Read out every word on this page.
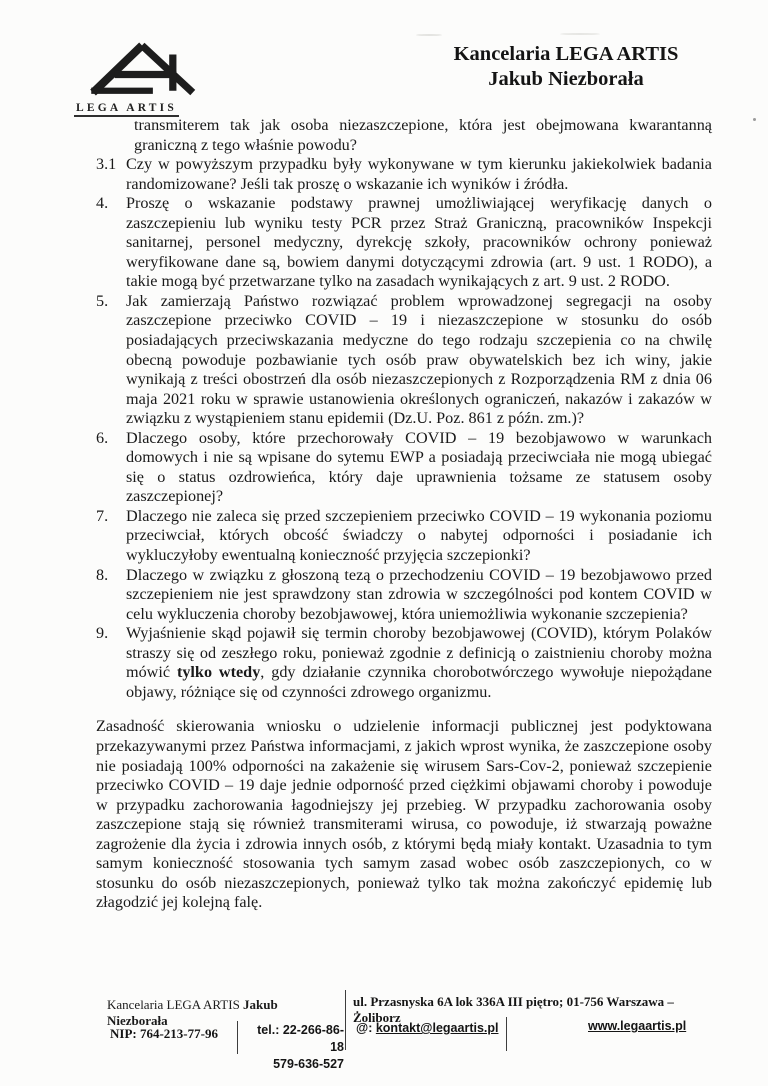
LEGA ARTIS
Kancelaria LEGA ARTIS
Jakub Niezborała
transmiterem tak jak osoba niezaszczepione, która jest obejmowana kwarantanną graniczną z tego właśnie powodu?
3.1 Czy w powyższym przypadku były wykonywane w tym kierunku jakiekolwiek badania randomizowane? Jeśli tak proszę o wskazanie ich wyników i źródła.
4.	Proszę o wskazanie podstawy prawnej umożliwiającej weryfikację danych o zaszczepieniu lub wyniku testy PCR przez Straż Graniczną, pracowników Inspekcji sanitarnej, personel medyczny, dyrekcję szkoły, pracowników ochrony ponieważ weryfikowane dane są, bowiem danymi dotyczącymi zdrowia (art. 9 ust. 1 RODO), a takie mogą być przetwarzane tylko na zasadach wynikających z art. 9 ust. 2 RODO.
5.	Jak zamierzają Państwo rozwiązać problem wprowadzonej segregacji na osoby zaszczepione przeciwko COVID – 19 i niezaszczepione w stosunku do osób posiadających przeciwskazania medyczne do tego rodzaju szczepienia co na chwilę obecną powoduje pozbawianie tych osób praw obywatelskich bez ich winy, jakie wynikają z treści obostrzeń dla osób niezaszczepionych z Rozporządzenia RM z dnia 06 maja 2021 roku w sprawie ustanowienia określonych ograniczeń, nakazów i zakazów w związku z wystąpieniem stanu epidemii (Dz.U. Poz. 861 z późn. zm.)?
6.	Dlaczego osoby, które przechorowały COVID – 19 bezobjawowo w warunkach domowych i nie są wpisane do sytemu EWP a posiadają przeciwciała nie mogą ubiegać się o status ozdrowieńca, który daje uprawnienia tożsame ze statusem osoby zaszczepionej?
7.	Dlaczego nie zaleca się przed szczepieniem przeciwko COVID – 19 wykonania poziomu przeciwciał, których obcość świadczy o nabytej odporności i posiadanie ich wykluczyłoby ewentualną konieczność przyjęcia szczepionki?
8.	Dlaczego w związku z głoszoną tezą o przechodzeniu COVID – 19 bezobjawowo przed szczepieniem nie jest sprawdzony stan zdrowia w szczególności pod kontem COVID w celu wykluczenia choroby bezobjawowej, która uniemożliwia wykonanie szczepienia?
9.	Wyjaśnienie skąd pojawił się termin choroby bezobjawowej (COVID), którym Polaków straszy się od zeszłego roku, ponieważ zgodnie z definicją o zaistnieniu choroby można mówić tylko wtedy, gdy działanie czynnika chorobotwórczego wywołuje niepożądane objawy, różniące się od czynności zdrowego organizmu.
Zasadność skierowania wniosku o udzielenie informacji publicznej jest podyktowana przekazywanymi przez Państwa informacjami, z jakich wprost wynika, że zaszczepione osoby nie posiadają 100% odporności na zakażenie się wirusem Sars-Cov-2, ponieważ szczepienie przeciwko COVID – 19 daje jednie odporność przed ciężkimi objawami choroby i powoduje w przypadku zachorowania łagodniejszy jej przebieg. W przypadku zachorowania osoby zaszczepione stają się również transmiterami wirusa, co powoduje, iż stwarzają poważne zagrożenie dla życia i zdrowia innych osób, z którymi będą miały kontakt. Uzasadnia to tym samym konieczność stosowania tych samym zasad wobec osób zaszczepionych, co w stosunku do osób niezaszczepionych, ponieważ tylko tak można zakończyć epidemię lub złagodzić jej kolejną falę.
Kancelaria LEGA ARTIS Jakub Niezborała
ul. Przasnyska 6A lok 336A III piętro; 01-756 Warszawa – Żoliborz
NIP: 764-213-77-96	tel.: 22-266-86-18
579-636-527
@: kontakt@legaartis.pl	www.legaartis.pl
